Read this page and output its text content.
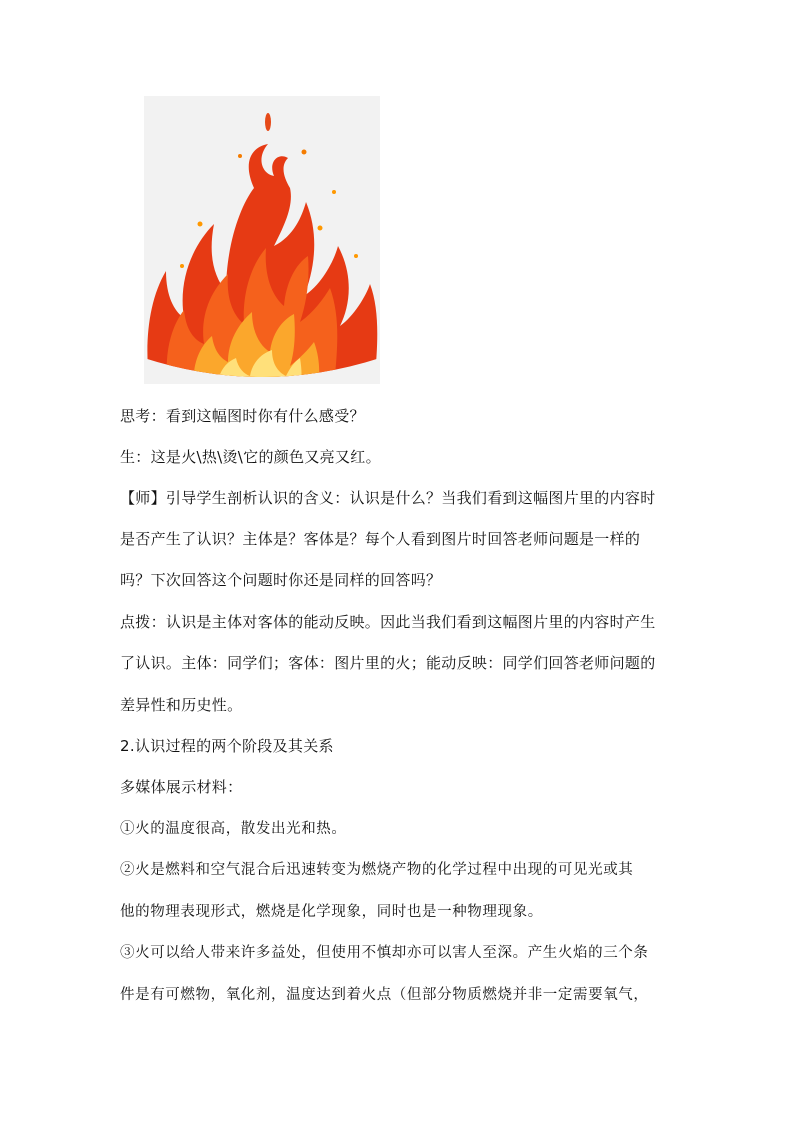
思考：看到这幅图时你有什么感受？

生：这是火\热\烫\它的颜色又亮又红。

【师】引导学生剖析认识的含义：认识是什么？当我们看到这幅图片里的内容时

是否产生了认识？主体是？客体是？每个人看到图片时回答老师问题是一样的

吗？下次回答这个问题时你还是同样的回答吗？

点拨：认识是主体对客体的能动反映。因此当我们看到这幅图片里的内容时产生

了认识。主体：同学们；客体：图片里的火；能动反映：同学们回答老师问题的

差异性和历史性。

2.认识过程的两个阶段及其关系

多媒体展示材料：

①火的温度很高，散发出光和热。

②火是燃料和空气混合后迅速转变为燃烧产物的化学过程中出现的可见光或其

他的物理表现形式，燃烧是化学现象，同时也是一种物理现象。

③火可以给人带来许多益处，但使用不慎却亦可以害人至深。产生火焰的三个条

件是有可燃物，氧化剂，温度达到着火点（但部分物质燃烧并非一定需要氧气，
